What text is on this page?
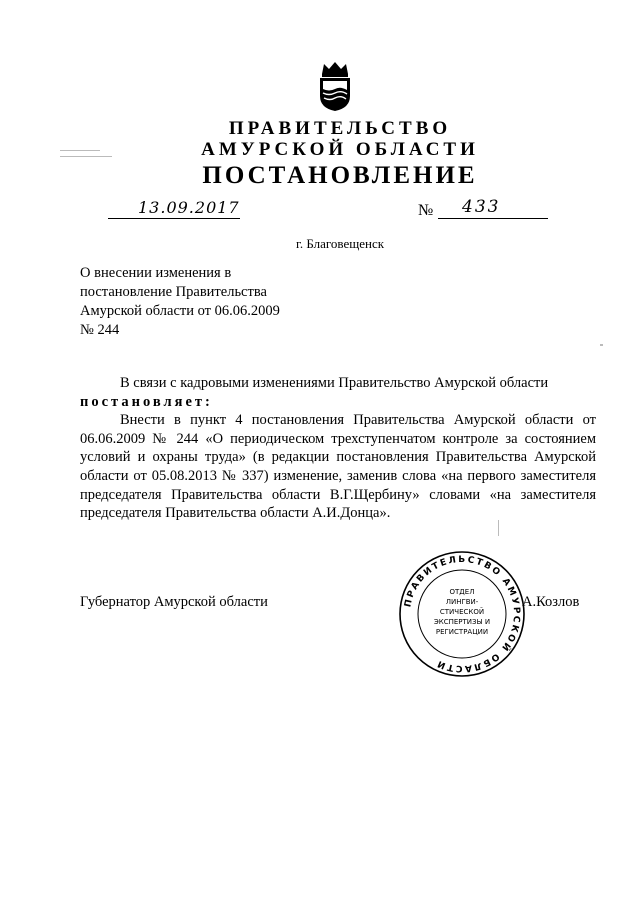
ПРАВИТЕЛЬСТВО
АМУРСКОЙ ОБЛАСТИ
ПОСТАНОВЛЕНИЕ
13.09.2017	№ 433
г. Благовещенск
О внесении изменения в
постановление Правительства
Амурской области от 06.06.2009
№ 244
В связи с кадровыми изменениями Правительство Амурской области
постановляет:
Внести в пункт 4 постановления Правительства Амурской области от 06.06.2009 № 244 «О периодическом трехступенчатом контроле за состоянием условий и охраны труда» (в редакции постановления Правительства Амурской области от 05.08.2013 № 337) изменение, заменив слова «на первого заместителя председателя Правительства области В.Г.Щербину» словами «на заместителя председателя Правительства области А.И.Донца».
Губернатор Амурской области	ПРАВИТЕЛЬСТВО АМУРСКОЙ ОБЛАСТИ
ОТДЕЛ
ЛИНГВИ-
СТИЧЕСКОЙ
ЭКСПЕРТИЗЫ И
РЕГИСТРАЦИИ
А.Козлов
